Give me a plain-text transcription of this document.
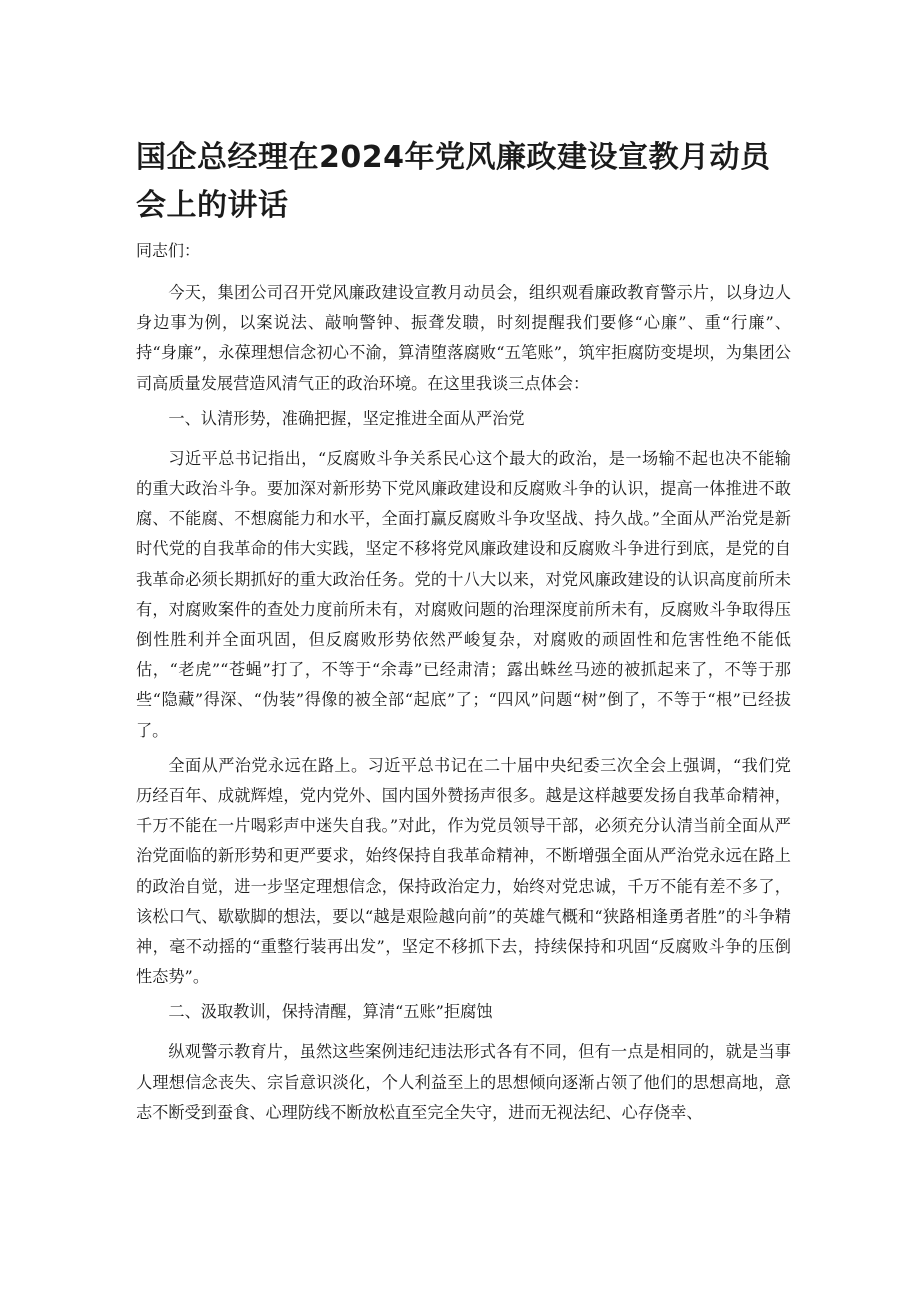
国企总经理在2024年党风廉政建设宣教月动员会上的讲话

同志们：

今天，集团公司召开党风廉政建设宣教月动员会，组织观看廉政教育警示片，以身边人身边事为例，以案说法、敲响警钟、振聋发聩，时刻提醒我们要修“心廉”、重“行廉”、持“身廉”，永葆理想信念初心不渝，算清堕落腐败“五笔账”，筑牢拒腐防变堤坝，为集团公司高质量发展营造风清气正的政治环境。在这里我谈三点体会：

一、认清形势，准确把握，坚定推进全面从严治党

习近平总书记指出，“反腐败斗争关系民心这个最大的政治，是一场输不起也决不能输的重大政治斗争。要加深对新形势下党风廉政建设和反腐败斗争的认识，提高一体推进不敢腐、不能腐、不想腐能力和水平，全面打赢反腐败斗争攻坚战、持久战。”全面从严治党是新时代党的自我革命的伟大实践，坚定不移将党风廉政建设和反腐败斗争进行到底，是党的自我革命必须长期抓好的重大政治任务。党的十八大以来，对党风廉政建设的认识高度前所未有，对腐败案件的查处力度前所未有，对腐败问题的治理深度前所未有，反腐败斗争取得压倒性胜利并全面巩固，但反腐败形势依然严峻复杂，对腐败的顽固性和危害性绝不能低估，“老虎”“苍蝇”打了，不等于“余毒”已经肃清；露出蛛丝马迹的被抓起来了，不等于那些“隐藏”得深、“伪装”得像的被全部“起底”了；“四风”问题“树”倒了，不等于“根”已经拔了。

全面从严治党永远在路上。习近平总书记在二十届中央纪委三次全会上强调，“我们党历经百年、成就辉煌，党内党外、国内国外赞扬声很多。越是这样越要发扬自我革命精神，千万不能在一片喝彩声中迷失自我。”对此，作为党员领导干部，必须充分认清当前全面从严治党面临的新形势和更严要求，始终保持自我革命精神，不断增强全面从严治党永远在路上的政治自觉，进一步坚定理想信念，保持政治定力，始终对党忠诚，千万不能有差不多了，该松口气、歇歇脚的想法，要以“越是艰险越向前”的英雄气概和“狭路相逢勇者胜”的斗争精神，毫不动摇的“重整行装再出发”，坚定不移抓下去，持续保持和巩固“反腐败斗争的压倒性态势”。

二、汲取教训，保持清醒，算清“五账”拒腐蚀

纵观警示教育片，虽然这些案例违纪违法形式各有不同，但有一点是相同的，就是当事人理想信念丧失、宗旨意识淡化，个人利益至上的思想倾向逐渐占领了他们的思想高地，意志不断受到蚕食、心理防线不断放松直至完全失守，进而无视法纪、心存侥幸、
